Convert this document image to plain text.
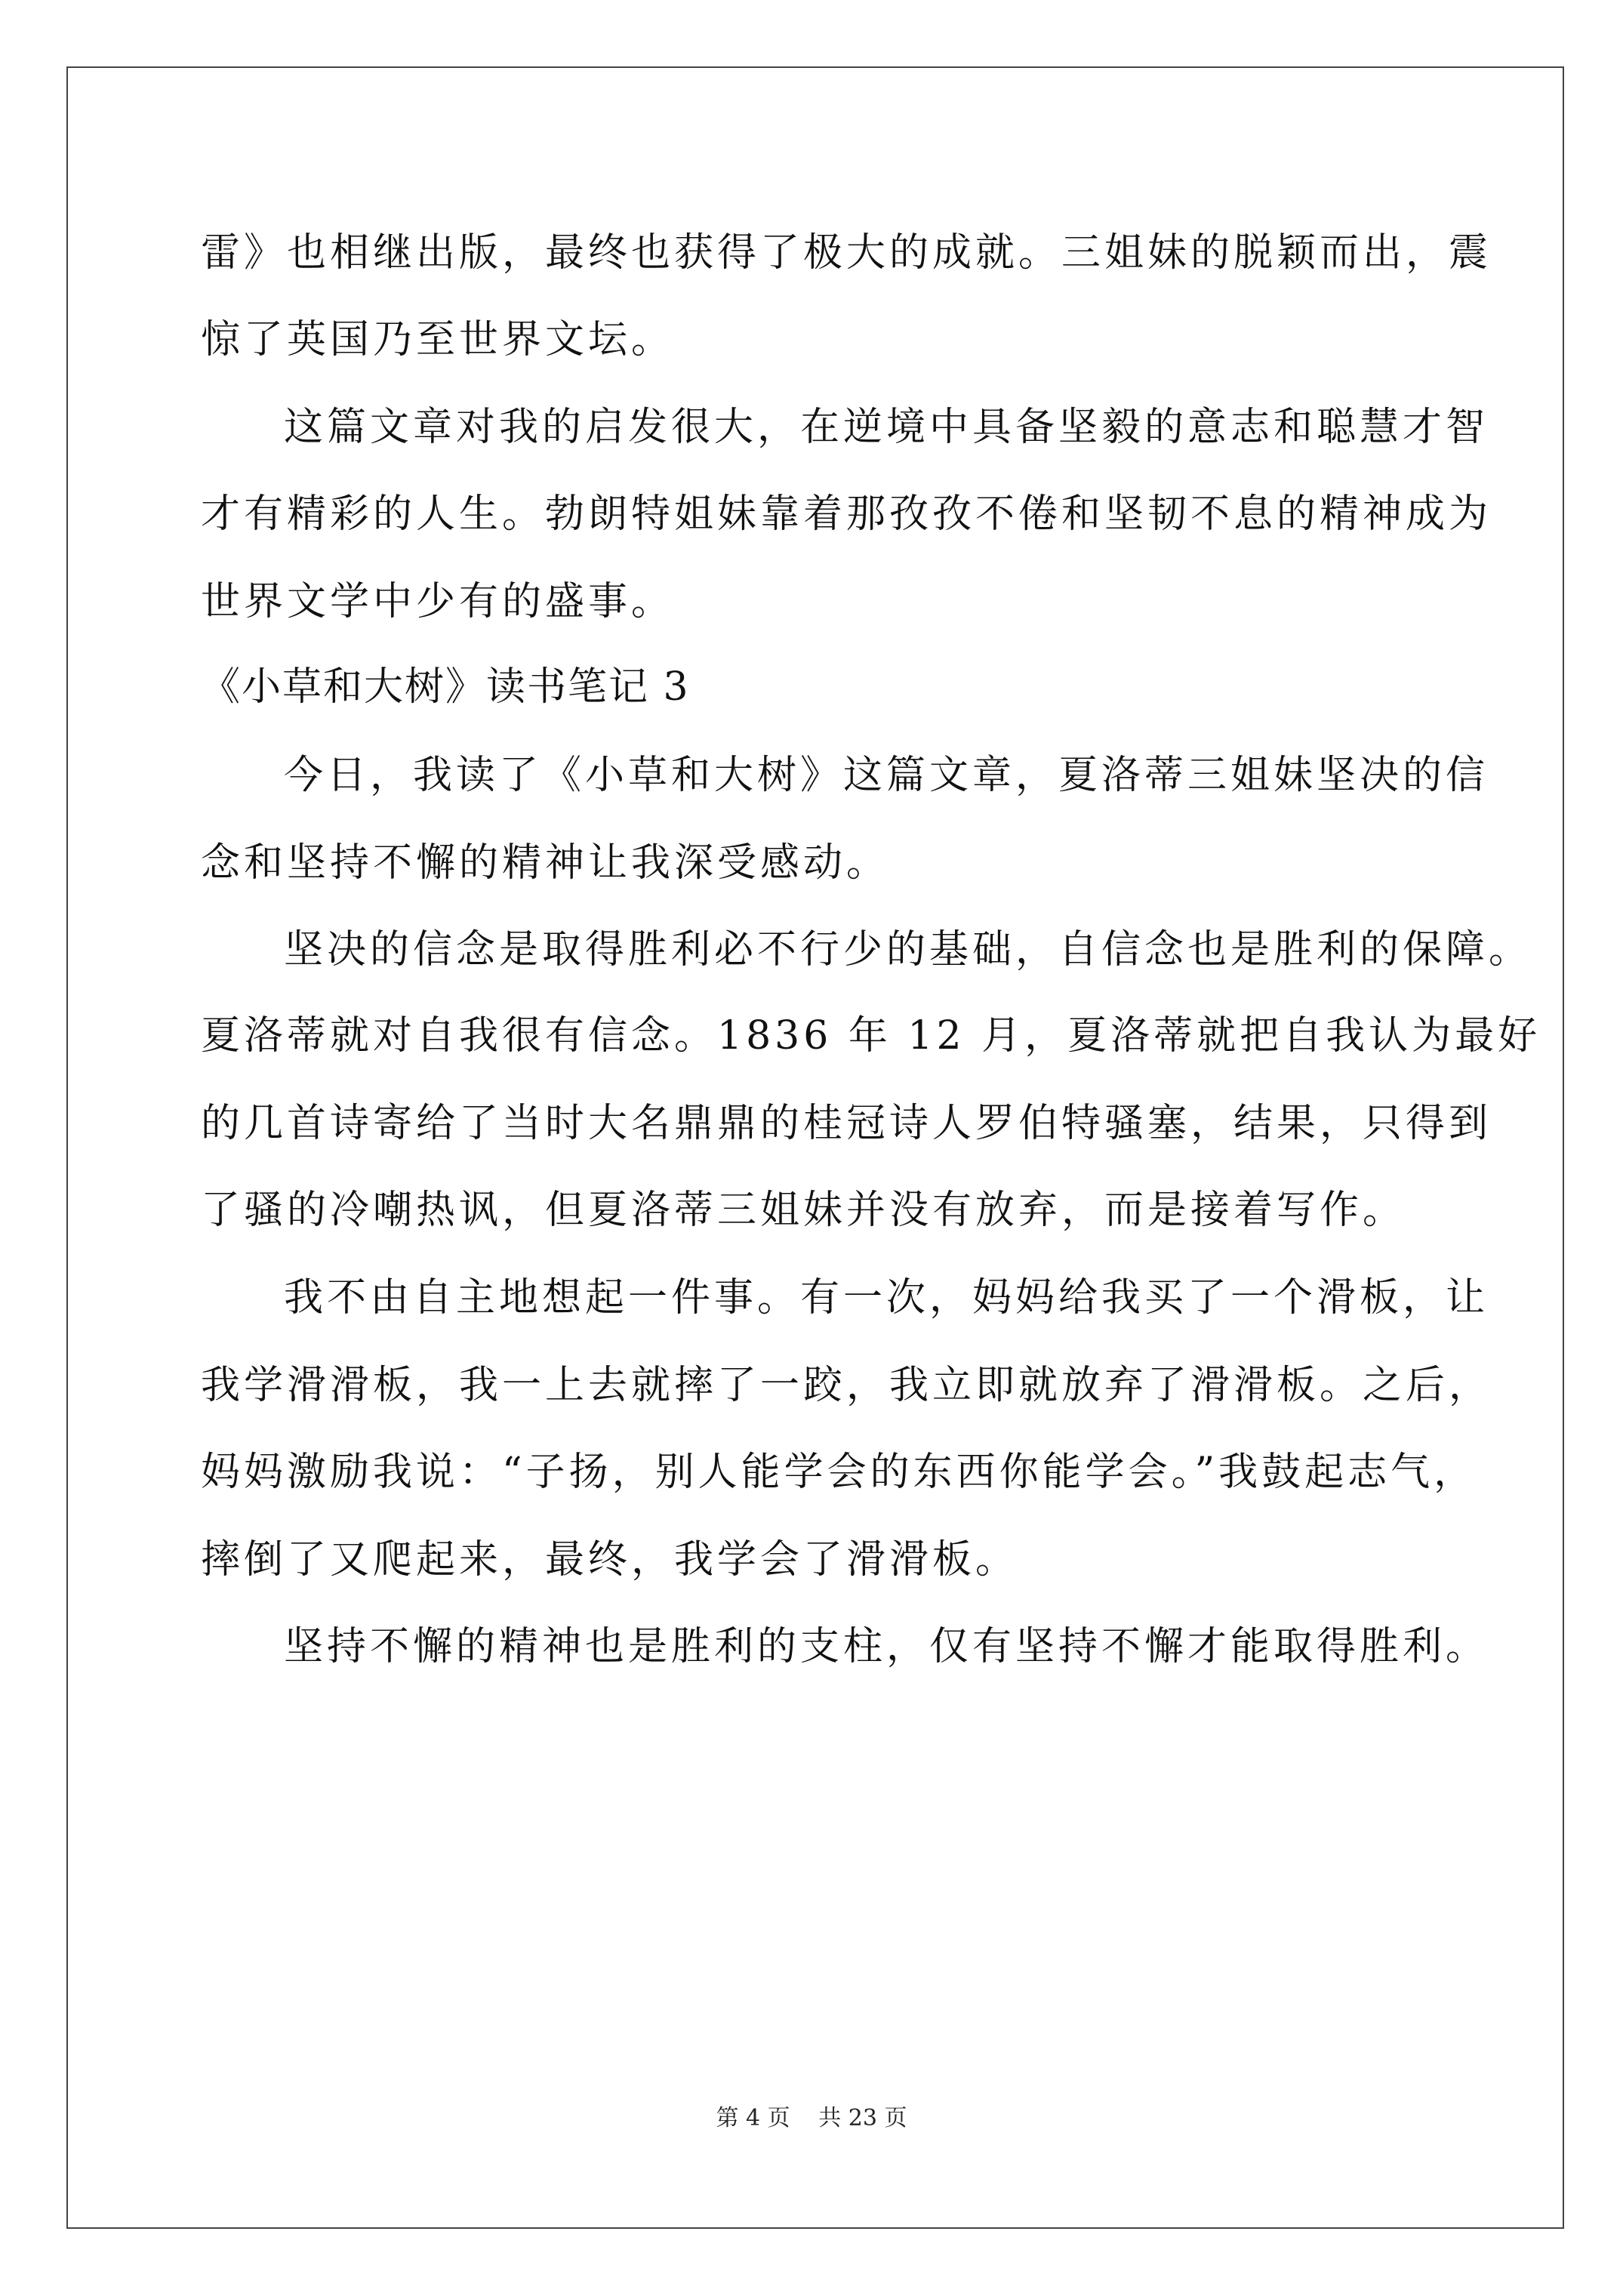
雷》也相继出版，最终也获得了极大的成就。三姐妹的脱颖而出，震
惊了英国乃至世界文坛。
这篇文章对我的启发很大，在逆境中具备坚毅的意志和聪慧才智
才有精彩的人生。勃朗特姐妹靠着那孜孜不倦和坚韧不息的精神成为
世界文学中少有的盛事。
《小草和大树》读书笔记 3
今日，我读了《小草和大树》这篇文章，夏洛蒂三姐妹坚决的信
念和坚持不懈的精神让我深受感动。
坚决的信念是取得胜利必不行少的基础，自信念也是胜利的保障。
夏洛蒂就对自我很有信念。1836 年 12 月，夏洛蒂就把自我认为最好
的几首诗寄给了当时大名鼎鼎的桂冠诗人罗伯特骚塞，结果，只得到
了骚的冷嘲热讽，但夏洛蒂三姐妹并没有放弃，而是接着写作。
我不由自主地想起一件事。有一次，妈妈给我买了一个滑板，让
我学滑滑板，我一上去就摔了一跤，我立即就放弃了滑滑板。之后，
妈妈激励我说：“子扬，别人能学会的东西你能学会。”我鼓起志气，
摔倒了又爬起来，最终，我学会了滑滑板。
坚持不懈的精神也是胜利的支柱，仅有坚持不懈才能取得胜利。
第 4 页 共 23 页
